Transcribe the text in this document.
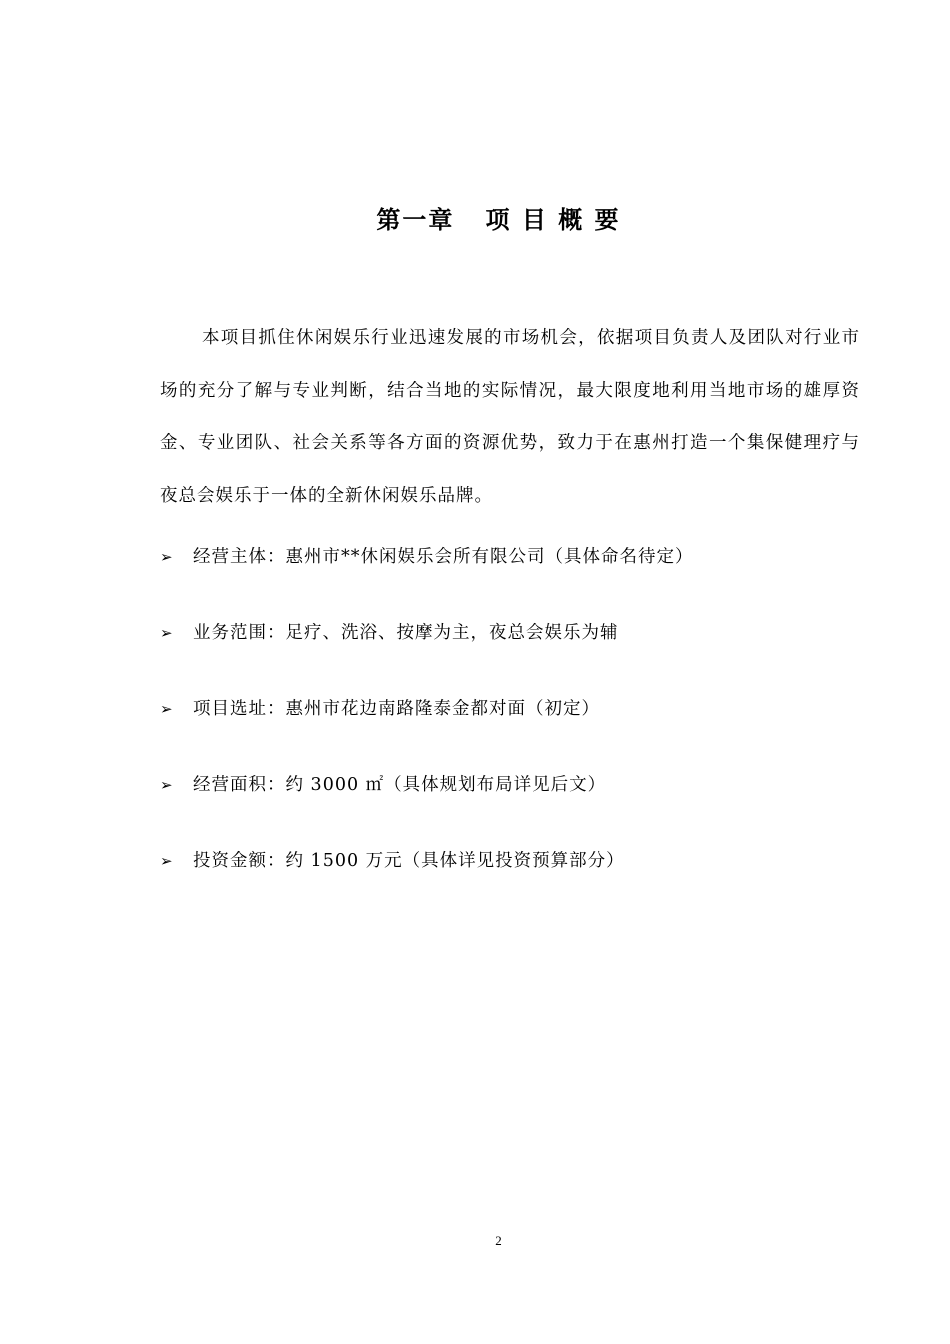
第一章   项 目 概 要

本项目抓住休闲娱乐行业迅速发展的市场机会，依据项目负责人及团队对行业市场的充分了解与专业判断，结合当地的实际情况，最大限度地利用当地市场的雄厚资金、专业团队、社会关系等各方面的资源优势，致力于在惠州打造一个集保健理疗与夜总会娱乐于一体的全新休闲娱乐品牌。

➢	经营主体：惠州市**休闲娱乐会所有限公司（具体命名待定）
➢	业务范围：足疗、洗浴、按摩为主，夜总会娱乐为辅
➢	项目选址：惠州市花边南路隆泰金都对面（初定）
➢	经营面积：约 3000 ㎡（具体规划布局详见后文）
➢	投资金额：约 1500 万元（具体详见投资预算部分）
2
